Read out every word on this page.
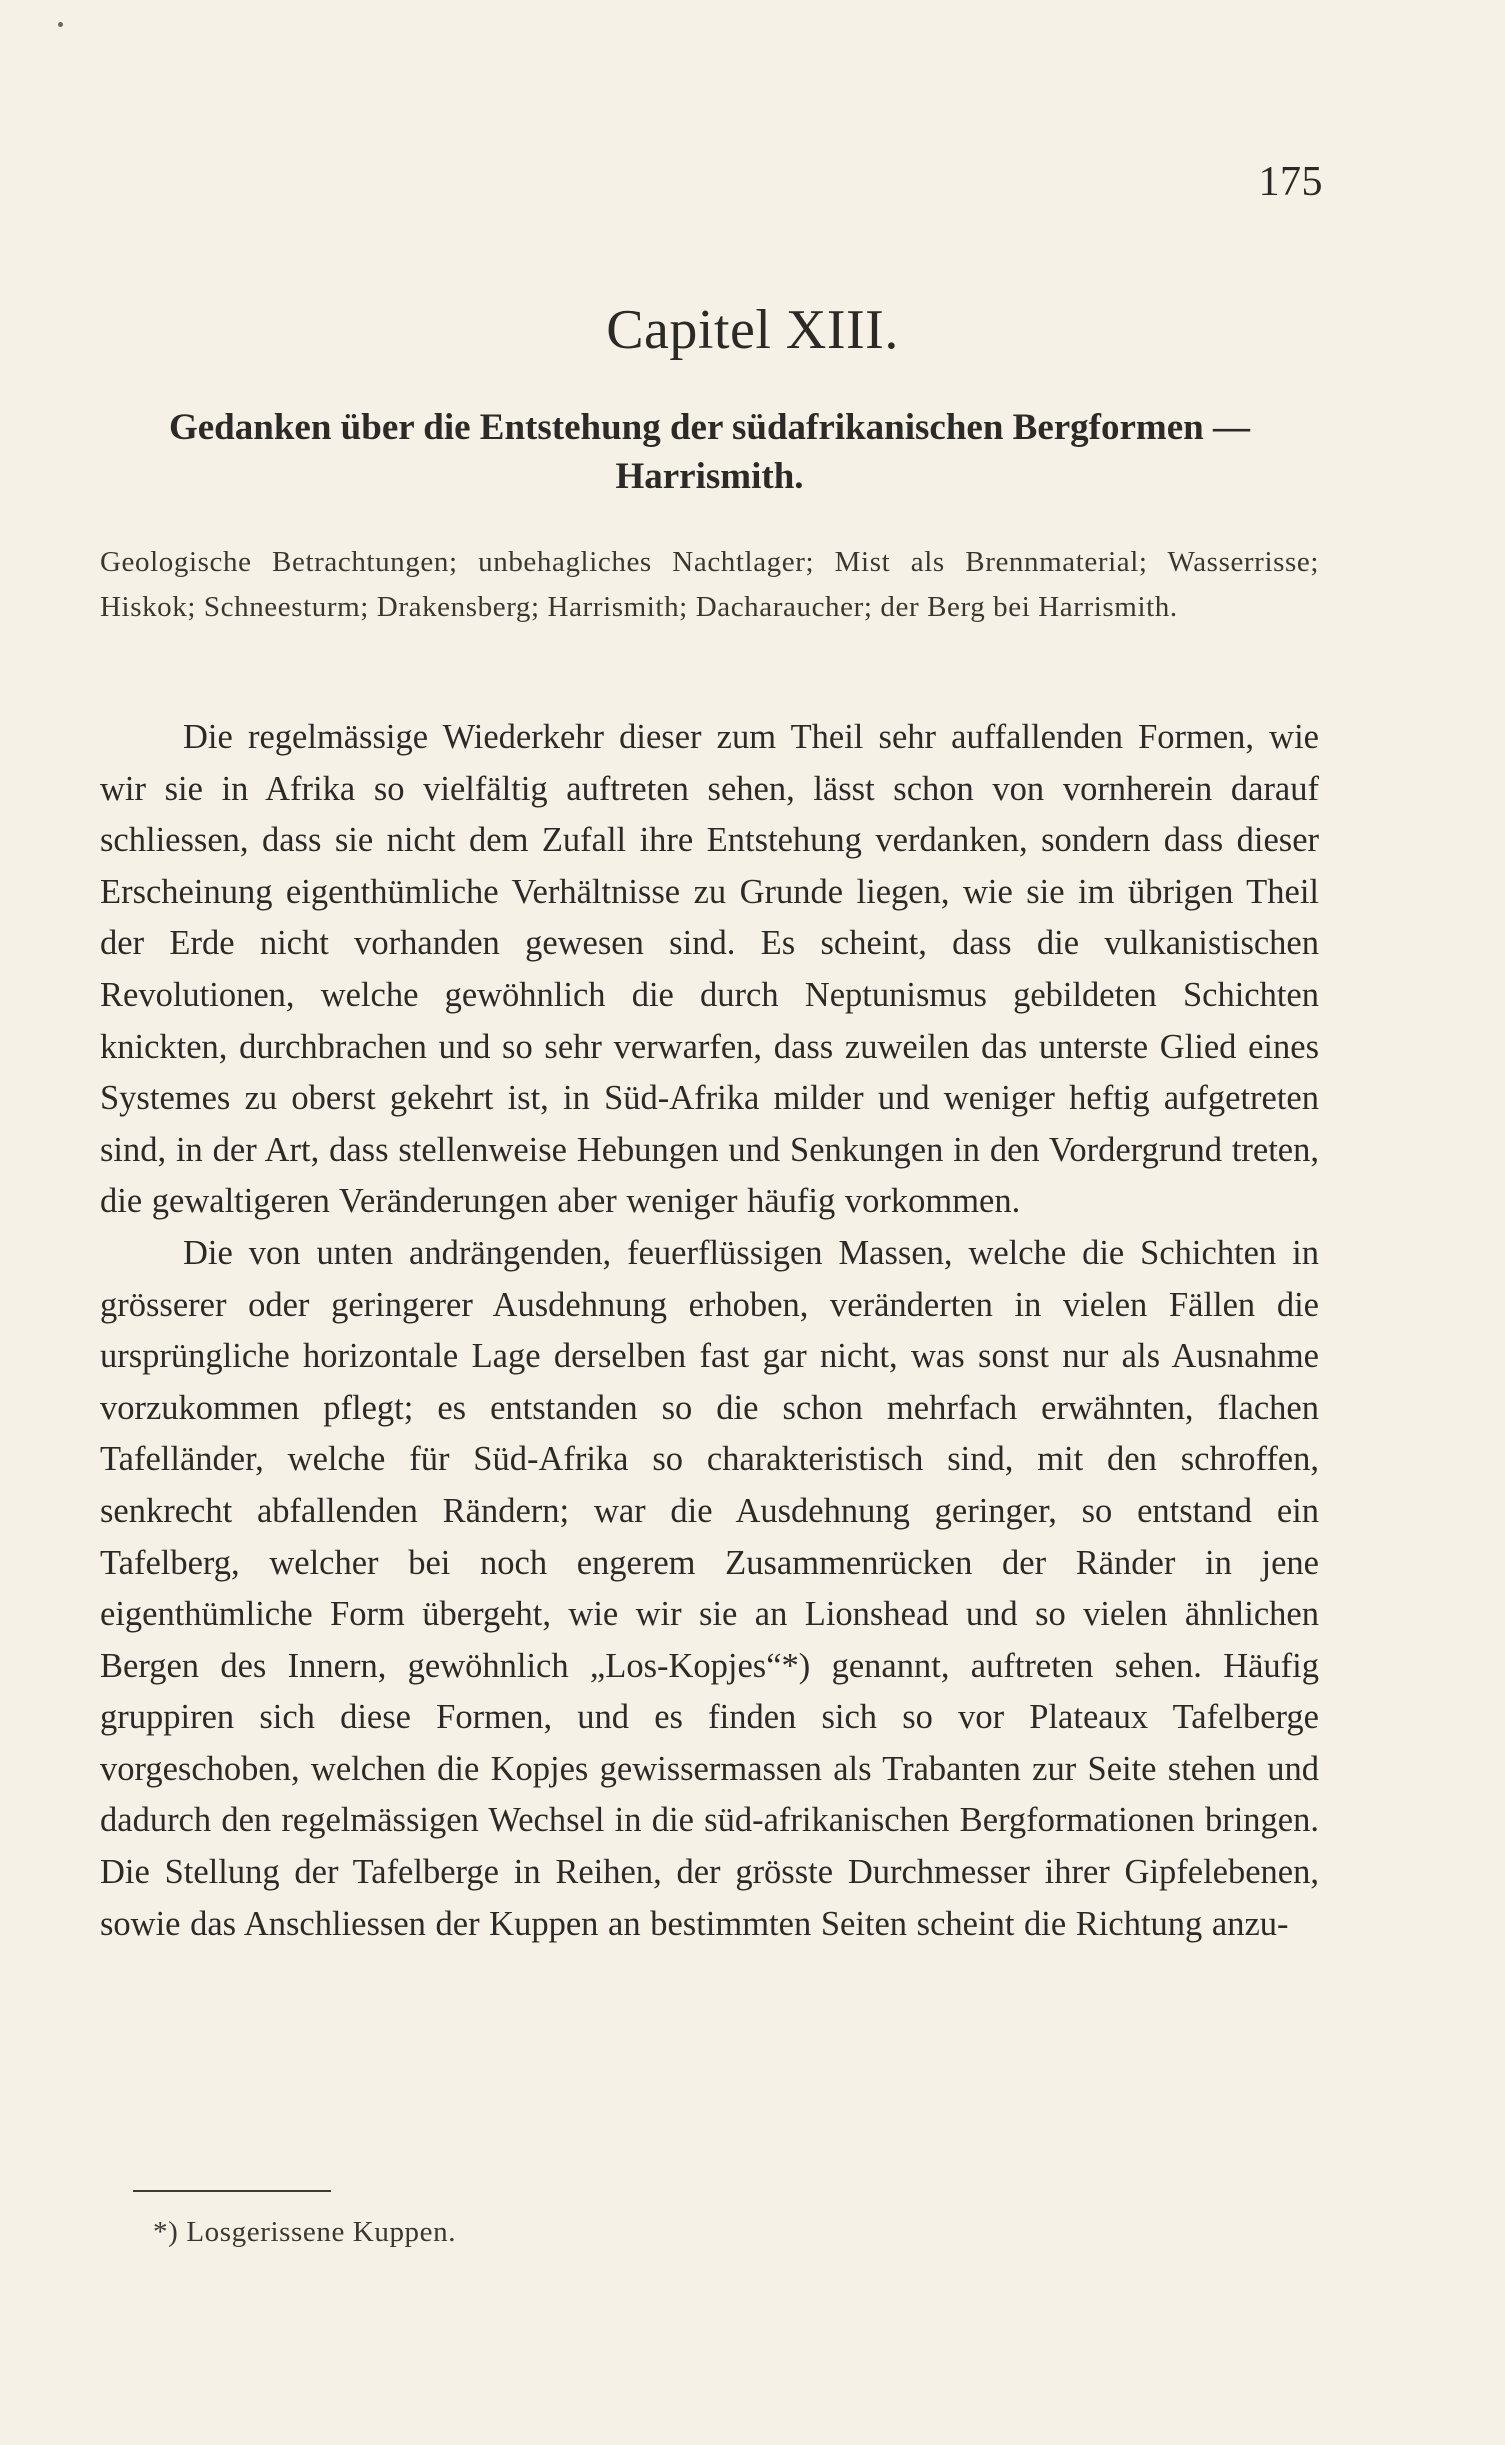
175
Capitel XIII.
Gedanken über die Entstehung der südafrikanischen Bergformen — Harrismith.
Geologische Betrachtungen; unbehagliches Nachtlager; Mist als Brennmaterial; Wasserrisse; Hiskok; Schneesturm; Drakensberg; Harrismith; Dacharaucher; der Berg bei Harrismith.

Die regelmässige Wiederkehr dieser zum Theil sehr auffallenden Formen, wie wir sie in Afrika so vielfältig auftreten sehen, lässt schon von vornherein darauf schliessen, dass sie nicht dem Zufall ihre Entstehung verdanken, sondern dass dieser Erscheinung eigenthümliche Verhältnisse zu Grunde liegen, wie sie im übrigen Theil der Erde nicht vorhanden gewesen sind. Es scheint, dass die vulkanistischen Revolutionen, welche gewöhnlich die durch Neptunismus gebildeten Schichten knickten, durchbrachen und so sehr verwarfen, dass zuweilen das unterste Glied eines Systemes zu oberst gekehrt ist, in Süd-Afrika milder und weniger heftig aufgetreten sind, in der Art, dass stellenweise Hebungen und Senkungen in den Vordergrund treten, die gewaltigeren Veränderungen aber weniger häufig vorkommen.

Die von unten andrängenden, feuerflüssigen Massen, welche die Schichten in grösserer oder geringerer Ausdehnung erhoben, veränderten in vielen Fällen die ursprüngliche horizontale Lage derselben fast gar nicht, was sonst nur als Ausnahme vorzukommen pflegt; es entstanden so die schon mehrfach erwähnten, flachen Tafelländer, welche für Süd-Afrika so charakteristisch sind, mit den schroffen, senkrecht abfallenden Rändern; war die Ausdehnung geringer, so entstand ein Tafelberg, welcher bei noch engerem Zusammenrücken der Ränder in jene eigenthümliche Form übergeht, wie wir sie an Lionshead und so vielen ähnlichen Bergen des Innern, gewöhnlich „Los-Kopjes“*) genannt, auftreten sehen. Häufig gruppiren sich diese Formen, und es finden sich so vor Plateaux Tafelberge vorgeschoben, welchen die Kopjes gewissermassen als Trabanten zur Seite stehen und dadurch den regelmässigen Wechsel in die süd-afrikanischen Bergformationen bringen. Die Stellung der Tafelberge in Reihen, der grösste Durchmesser ihrer Gipfelebenen, sowie das Anschliessen der Kuppen an bestimmten Seiten scheint die Richtung anzu-

*) Losgerissene Kuppen.
